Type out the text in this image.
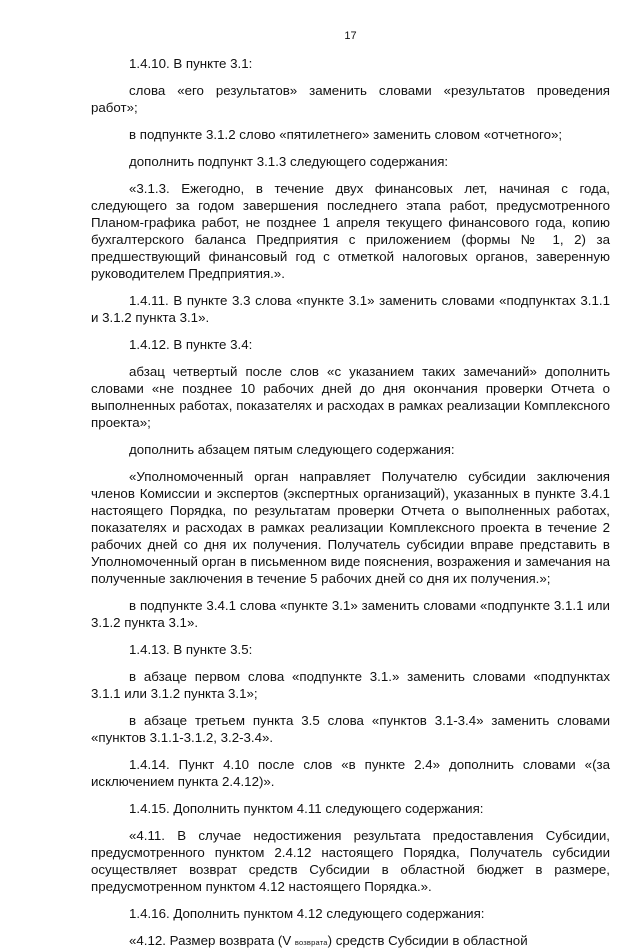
17

1.4.10. В пункте 3.1:

слова «его результатов» заменить словами «результатов проведения работ»;

в подпункте 3.1.2 слово «пятилетнего» заменить словом «отчетного»;

дополнить подпункт 3.1.3 следующего содержания:

«3.1.3. Ежегодно, в течение двух финансовых лет, начиная с года, следующего за годом завершения последнего этапа работ, предусмотренного Планом-графика работ, не позднее 1 апреля текущего финансового года, копию бухгалтерского баланса Предприятия с приложением (формы № 1, 2) за предшествующий финансовый год с отметкой налоговых органов, заверенную руководителем Предприятия.».

1.4.11. В пункте 3.3 слова «пункте 3.1» заменить словами «подпунктах 3.1.1 и 3.1.2 пункта 3.1».

1.4.12. В пункте 3.4:

абзац четвертый после слов «с указанием таких замечаний» дополнить словами «не позднее 10 рабочих дней до дня окончания проверки Отчета о выполненных работах, показателях и расходах в рамках реализации Комплексного проекта»;

дополнить абзацем пятым следующего содержания:

«Уполномоченный орган направляет Получателю субсидии заключения членов Комиссии и экспертов (экспертных организаций), указанных в пункте 3.4.1 настоящего Порядка, по результатам проверки Отчета о выполненных работах, показателях и расходах в рамках реализации Комплексного проекта в течение 2 рабочих дней со дня их получения. Получатель субсидии вправе представить в Уполномоченный орган в письменном виде пояснения, возражения и замечания на полученные заключения в течение 5 рабочих дней со дня их получения.»;

в подпункте 3.4.1 слова «пункте 3.1» заменить словами «подпункте 3.1.1 или 3.1.2 пункта 3.1».

1.4.13. В пункте 3.5:

в абзаце первом слова «подпункте 3.1.» заменить словами «подпунктах 3.1.1 или 3.1.2 пункта 3.1»;

в абзаце третьем пункта 3.5 слова «пунктов 3.1-3.4» заменить словами «пунктов 3.1.1-3.1.2, 3.2-3.4».

1.4.14. Пункт 4.10 после слов «в пункте 2.4» дополнить словами «(за исключением пункта 2.4.12)».

1.4.15. Дополнить пунктом 4.11 следующего содержания:

«4.11. В случае недостижения результата предоставления Субсидии, предусмотренного пунктом 2.4.12 настоящего Порядка, Получатель субсидии осуществляет возврат средств Субсидии в областной бюджет в размере, предусмотренном пунктом 4.12 настоящего Порядка.».

1.4.16. Дополнить пунктом 4.12 следующего содержания:

«4.12. Размер возврата (V возврата) средств Субсидии в областной
